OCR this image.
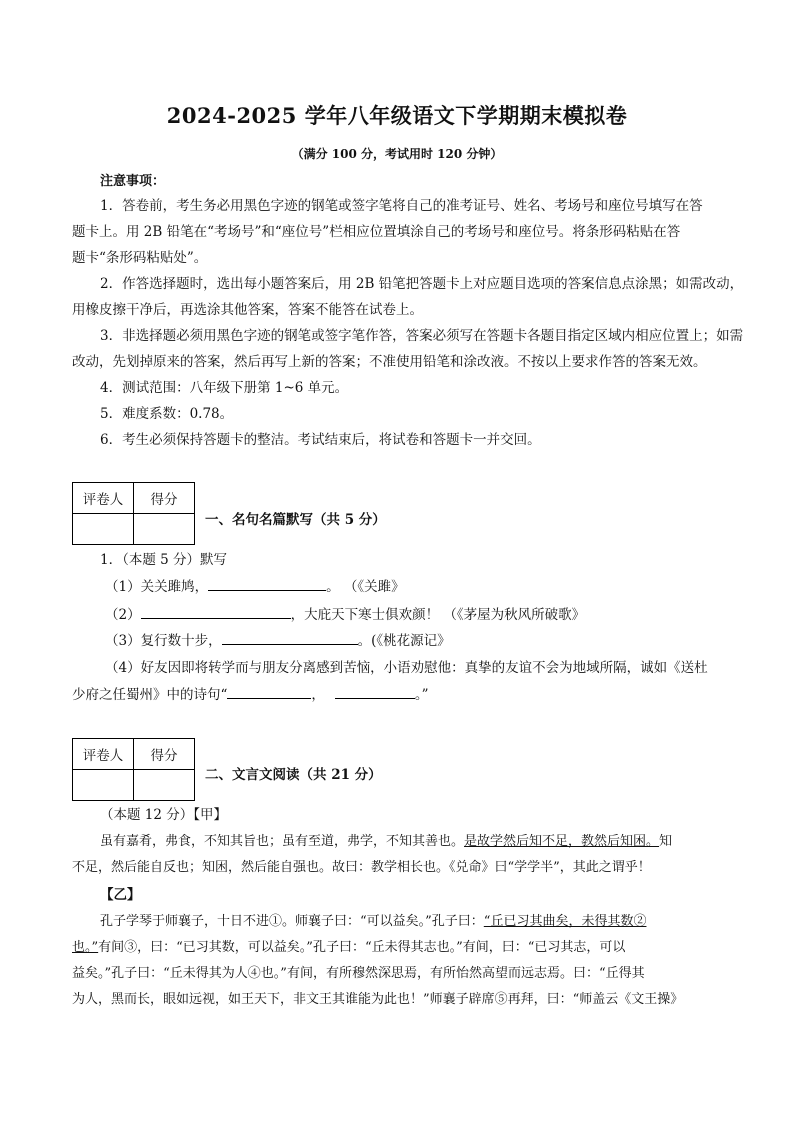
2024-2025 学年八年级语文下学期期末模拟卷
（满分 100 分，考试用时 120 分钟）
注意事项：
1．答卷前，考生务必用黑色字迹的钢笔或签字笔将自己的准考证号、姓名、考场号和座位号填写在答
题卡上。用 2B 铅笔在“考场号”和“座位号”栏相应位置填涂自己的考场号和座位号。将条形码粘贴在答
题卡“条形码粘贴处”。
2．作答选择题时，选出每小题答案后，用 2B 铅笔把答题卡上对应题目选项的答案信息点涂黑；如需改动，
用橡皮擦干净后，再选涂其他答案，答案不能答在试卷上。
3．非选择题必须用黑色字迹的钢笔或签字笔作答，答案必须写在答题卡各题目指定区域内相应位置上；如需
改动，先划掉原来的答案，然后再写上新的答案；不准使用铅笔和涂改液。不按以上要求作答的答案无效。
4．测试范围：八年级下册第 1~6 单元。
5．难度系数：0.78。
6．考生必须保持答题卡的整洁。考试结束后，将试卷和答题卡一并交回。
评卷人	得分

一、名句名篇默写（共 5 分）
1．（本题 5 分）默写
（1）关关雎鸠，	。 （《关雎》
（2）	，大庇天下寒士俱欢颜！ （《茅屋为秋风所破歌》
（3）复行数十步，	。(《桃花源记》
（4）好友因即将转学而与朋友分离感到苦恼，小语劝慰他：真挚的友谊不会为地域所隔，诚如《送杜
少府之任蜀州》中的诗句“	，	。”
评卷人	得分

二、文言文阅读（共 21 分）
（本题 12 分）【甲】
虽有嘉肴，弗食，不知其旨也；虽有至道，弗学，不知其善也。是故学然后知不足，教然后知困。知
不足，然后能自反也；知困，然后能自强也。故曰：教学相长也。《兑命》曰“学学半”，其此之谓乎！
【乙】
孔子学琴于师襄子，十日不进①。师襄子曰：“可以益矣。”孔子曰：“丘已习其曲矣，未得其数②
也。”有间③，曰：“已习其数，可以益矣。”孔子曰：“丘未得其志也。”有间，曰：“已习其志，可以
益矣。”孔子曰：“丘未得其为人④也。”有间，有所穆然深思焉，有所怡然高望而远志焉。曰：“丘得其
为人，黑而长，眼如远视，如王天下，非文王其谁能为此也！”师襄子辟席⑤再拜，曰：“师盖云《文王操》
